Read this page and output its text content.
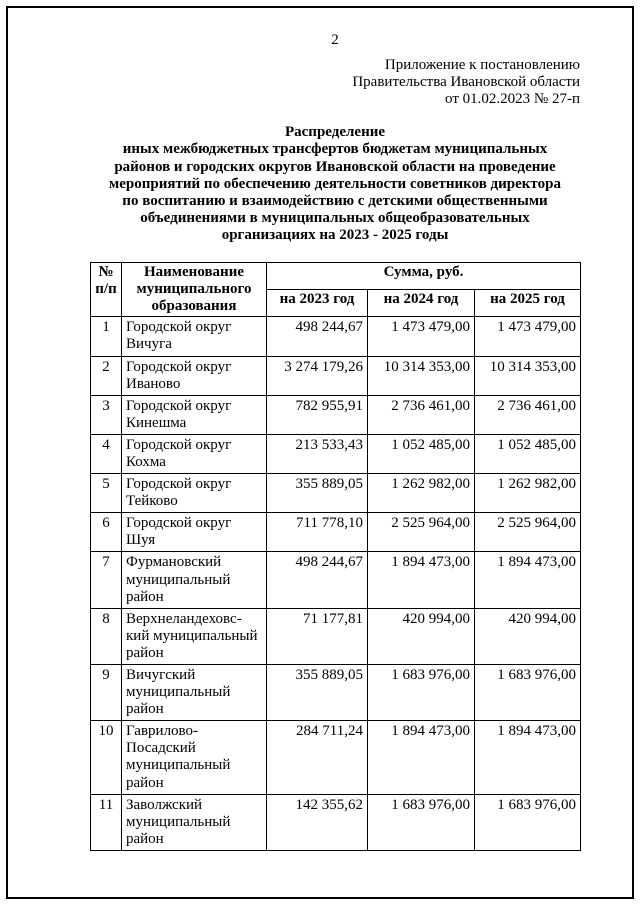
2
Приложение к постановлению
Правительства Ивановской области
от 01.02.2023 № 27-п
Распределение
иных межбюджетных трансфертов бюджетам муниципальных
районов и городских округов Ивановской области на проведение
мероприятий по обеспечению деятельности советников директора
по воспитанию и взаимодействию с детскими общественными
объединениями в муниципальных общеобразовательных
организациях на 2023 - 2025 годы
№ п/п	Наименование муниципального образования	Сумма, руб.		
		на 2023 год	на 2024 год	на 2025 год
1	Городской округ Вичуга	498 244,67	1 473 479,00	1 473 479,00
2	Городской округ Иваново	3 274 179,26	10 314 353,00	10 314 353,00
3	Городской округ Кинешма	782 955,91	2 736 461,00	2 736 461,00
4	Городской округ Кохма	213 533,43	1 052 485,00	1 052 485,00
5	Городской округ Тейково	355 889,05	1 262 982,00	1 262 982,00
6	Городской округ Шуя	711 778,10	2 525 964,00	2 525 964,00
7	Фурмановский муниципальный район	498 244,67	1 894 473,00	1 894 473,00
8	Верхнеландеховс-кий муниципальный район	71 177,81	420 994,00	420 994,00
9	Вичугский муниципальный район	355 889,05	1 683 976,00	1 683 976,00
10	Гаврилово-Посадский муниципальный район	284 711,24	1 894 473,00	1 894 473,00
11	Заволжский муниципальный район	142 355,62	1 683 976,00	1 683 976,00
